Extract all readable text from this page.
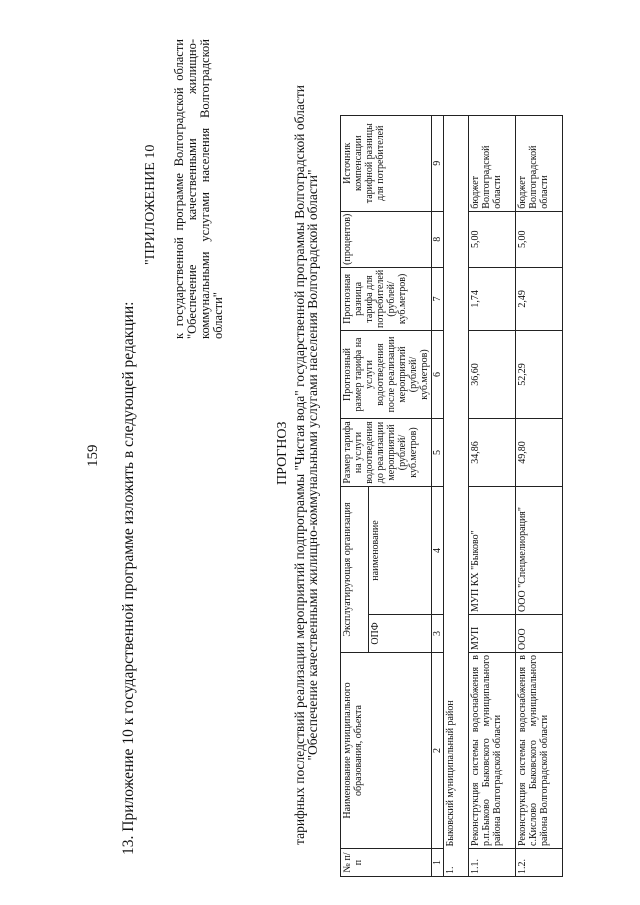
159 13. Приложение 10 к государственной программе изложить в следующей редакции:
"ПРИЛОЖЕНИЕ 10 к государственной программе Волгоградской области "Обеспечение качественными жилищно-коммунальными услугами населения Волгоградской области"
ПРОГНОЗ тарифных последствий реализации мероприятий подпрограммы "Чистая вода" государственной программы Волгоградской области "Обеспечение качественными жилищно-коммунальными услугами населения Волгоградской области"
№ п/п	Наименование муниципального образования, объекта	Эксплуатирующая организация		Размер тарифа на услуги водоотведения до реализации мероприятий (рублей/ куб.метров)	Прогнозный размер тарифа на услуги водоотведения после реализации мероприятий (рублей/ куб.метров)	Прогнозная разница тарифа для потребителей (рублей/ куб.метров)	(процентов)	Источник компенсации тарифной разницы для потребителей
		ОПФ	наименование					
1	2	3	4	5	6	7	8	9
1.	Быковский муниципальный район							
1.1.	Реконструкция системы водоснабжения в р.п.Быково Быковского муниципального района Волгоградской области	МУП	МУП КХ "Быково"	34,86	36,60	1,74	5,00	бюджет Волгоградской области
1.2.	Реконструкция системы водоснабжения в с.Кислово Быковского муниципального района Волгоградской области	ООО	ООО "Спецмелиорация"	49,80	52,29	2,49	5,00	бюджет Волгоградской области
